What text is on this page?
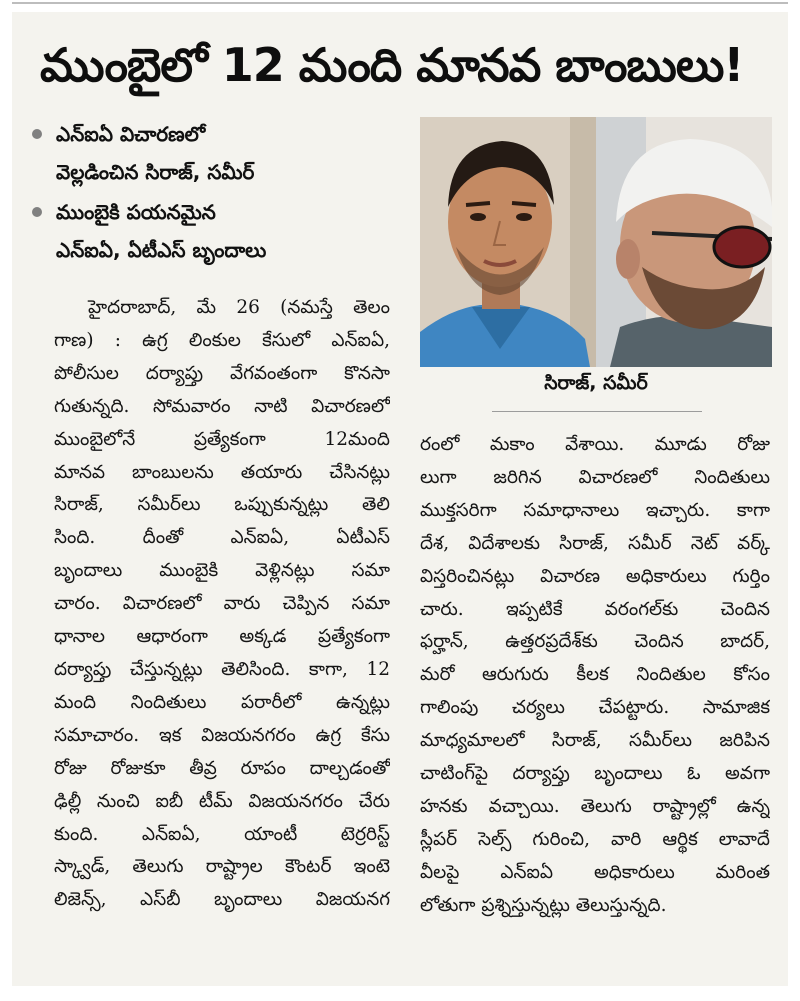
ముంబైలో 12 మంది మానవ బాంబులు!
ఎన్ఐఏ విచారణలో
వెల్లడించిన సిరాజ్, సమీర్
ముంబైకి పయనమైన
ఎన్ఐఏ, ఏటీఎస్ బృందాలు
సిరాజ్, సమీర్
హైదరాబాద్, మే 26 (నమస్తే తెలం
గాణ) : ఉగ్ర లింకుల కేసులో ఎన్ఐఏ,
పోలీసుల దర్యాప్తు వేగవంతంగా కొనసా
గుతున్నది. సోమవారం నాటి విచారణలో
ముంబైలోనే ప్రత్యేకంగా 12మంది
మానవ బాంబులను తయారు చేసినట్లు
సిరాజ్, సమీర్‌లు ఒప్పుకున్నట్లు తెలి
సింది. దీంతో ఎన్ఐఏ, ఏటీఎస్
బృందాలు ముంబైకి వెళ్లినట్లు సమా
చారం. విచారణలో వారు చెప్పిన సమా
ధానాల ఆధారంగా అక్కడ ప్రత్యేకంగా
దర్యాప్తు చేస్తున్నట్లు తెలిసింది. కాగా, 12
మంది నిందితులు పరారీలో ఉన్నట్లు
సమాచారం. ఇక విజయనగరం ఉగ్ర కేసు
రోజు రోజుకూ తీవ్ర రూపం దాల్చడంతో
ఢిల్లీ నుంచి ఐబీ టీమ్ విజయనగరం చేరు
కుంది. ఎన్ఐఏ, యాంటీ టెర్రరిస్ట్
స్క్వాడ్, తెలుగు రాష్ట్రాల కౌంటర్ ఇంటె
లిజెన్స్, ఎస్‌బీ బృందాలు విజయనగ
రంలో మకాం వేశాయి. మూడు రోజు
లుగా జరిగిన విచారణలో నిందితులు
ముక్తసరిగా సమాధానాలు ఇచ్చారు. కాగా
దేశ, విదేశాలకు సిరాజ్, సమీర్ నెట్ వర్క్
విస్తరించినట్లు విచారణ అధికారులు గుర్తిం
చారు. ఇప్పటికే వరంగల్‌కు చెందిన
ఫర్హాన్, ఉత్తరప్రదేశ్‌కు చెందిన బాదర్,
మరో ఆరుగురు కీలక నిందితుల కోసం
గాలింపు చర్యలు చేపట్టారు. సామాజిక
మాధ్యమాలలో సిరాజ్, సమీర్‌లు జరిపిన
చాటింగ్‌పై దర్యాప్తు బృందాలు ఓ అవగా
హనకు వచ్చాయి. తెలుగు రాష్ట్రాల్లో ఉన్న
స్లీపర్ సెల్స్ గురించి, వారి ఆర్థిక లావాదే
వీలపై ఎన్ఐఏ అధికారులు మరింత
లోతుగా ప్రశ్నిస్తున్నట్లు తెలుస్తున్నది.
